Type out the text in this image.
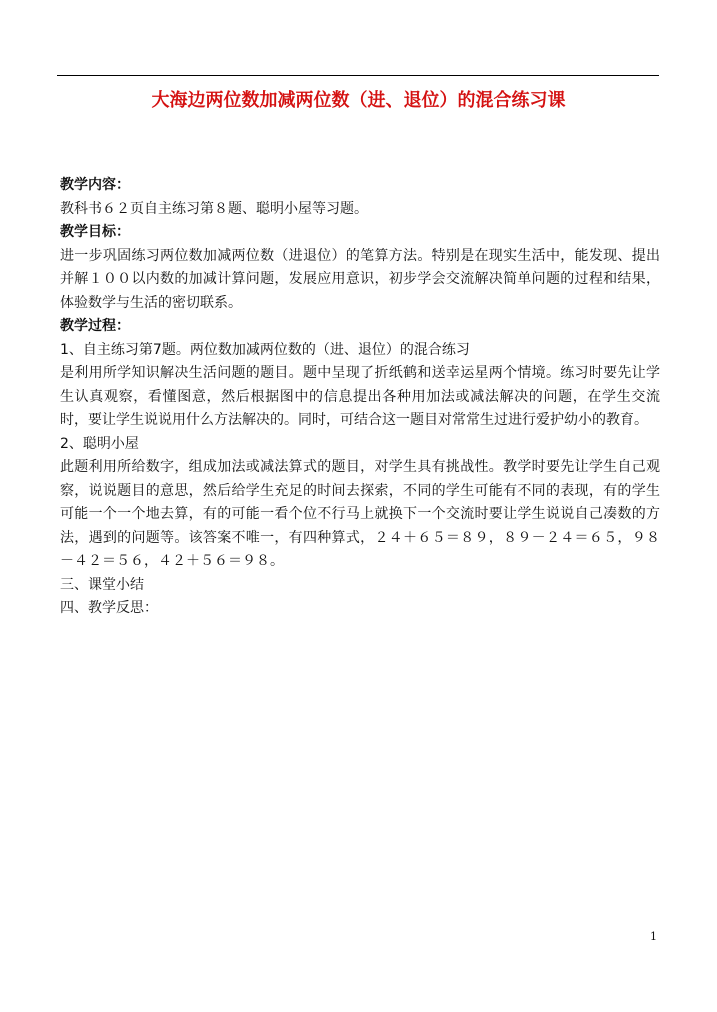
大海边两位数加减两位数（进、退位）的混合练习课

教学内容：

教科书６２页自主练习第８题、聪明小屋等习题。

教学目标：

进一步巩固练习两位数加减两位数（进退位）的笔算方法。特别是在现实生活中，能发现、提出并解１００以内数的加减计算问题，发展应用意识，初步学会交流解决简单问题的过程和结果，体验数学与生活的密切联系。

教学过程：

1、自主练习第7题。两位数加减两位数的（进、退位）的混合练习

是利用所学知识解决生活问题的题目。题中呈现了折纸鹤和送幸运星两个情境。练习时要先让学生认真观察，看懂图意，然后根据图中的信息提出各种用加法或减法解决的问题，在学生交流时，要让学生说说用什么方法解决的。同时，可结合这一题目对常常生过进行爱护幼小的教育。

2、聪明小屋

此题利用所给数字，组成加法或减法算式的题目，对学生具有挑战性。教学时要先让学生自己观察，说说题目的意思，然后给学生充足的时间去探索，不同的学生可能有不同的表现，有的学生可能一个一个地去算，有的可能一看个位不行马上就换下一个交流时要让学生说说自己凑数的方法，遇到的问题等。该答案不唯一，有四种算式，２４＋６５＝８９，８９－２４＝６５，９８－４２＝５６，４２＋５６＝９８。

三、课堂小结

四、教学反思：

1
